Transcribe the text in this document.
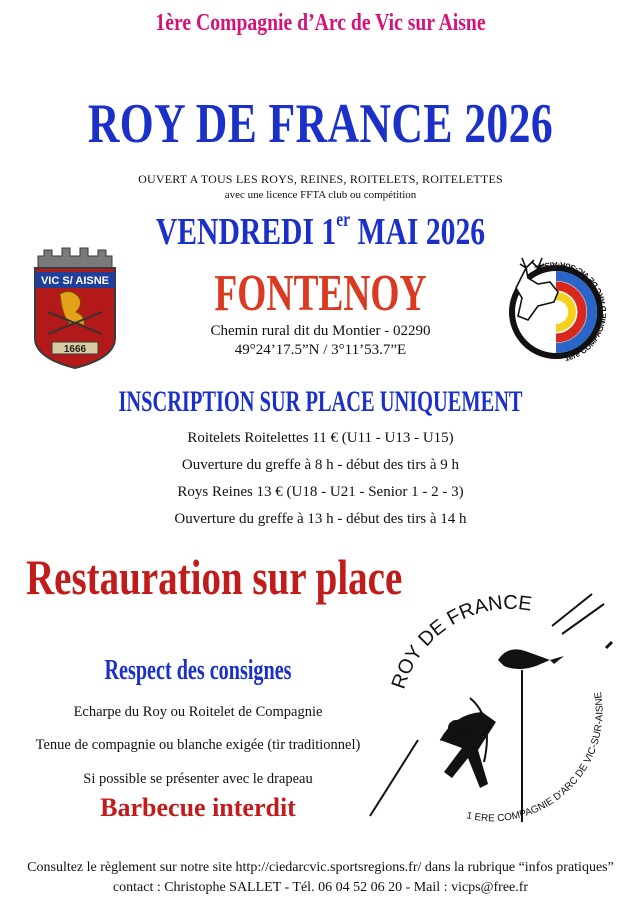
1ère Compagnie d’Arc de Vic sur Aisne
ROY DE FRANCE 2026
OUVERT A TOUS LES ROYS, REINES, ROITELETS, ROITELETTES
avec une licence FFTA club ou compétition
VENDREDI 1er MAI 2026
FONTENOY
Chemin rural dit du Montier - 02290
49°24’17.5”N / 3°11’53.7”E
VIC S/ AISNE
1666
1ère COMPAGNIE D'ARC DE VIC-SUR-AISNE
INSCRIPTION SUR PLACE UNIQUEMENT
Roitelets Roitelettes 11 € (U11 - U13 - U15)
Ouverture du greffe à 8 h - début des tirs à 9 h
Roys Reines 13 € (U18 - U21 - Senior 1 - 2 - 3)
Ouverture du greffe à 13 h - début des tirs à 14 h
Restauration sur place
Respect des consignes
Echarpe du Roy ou Roitelet de Compagnie
Tenue de compagnie ou blanche exigée (tir traditionnel)
Si possible se présenter avec le drapeau
Barbecue interdit
ROY DE FRANCE
1 ERE COMPAGNIE D'ARC DE VIC-SUR-AISNE
Consultez le règlement sur notre site http://ciedarcvic.sportsregions.fr/ dans la rubrique “infos pratiques”
contact : Christophe SALLET - Tél. 06 04 52 06 20 - Mail : vicps@free.fr
